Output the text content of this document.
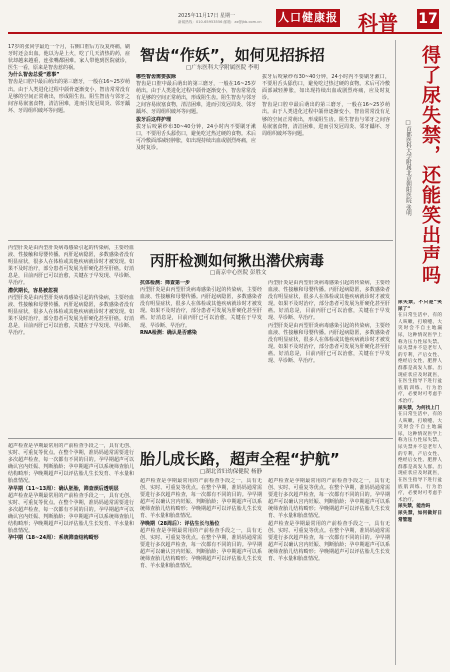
2025年11月17日 星期一
新闻热线：010-65953556 邮箱：zx@jkb.com.cn 人口健康报 科普 17
智齿“作妖”，如何见招拆招
□广东医科大学附属医院 李明

17岁的张同学最近一个月，右侧口腔后方反复疼痛，刷牙时还会出血。他以为是上火，吃了几天清热的药，症状却越来越重，连张嘴都困难。家人带他到医院就诊，医生一看，原来是智齿惹的祸。

为什么智齿总爱“惹事”

智齿是口腔中最后萌出的第三磨牙，一般在16~25岁萌出。由于人类进化过程中颌骨逐渐变小，智齿常常没有足够的空间正常萌出，形成阻生齿。阻生智齿与邻牙之间容易嵌塞食物，清洁困难，进而引发冠周炎、邻牙龋坏、牙周组织破坏等问题。

哪些智齿需要拔除

智齿是口腔中最后萌出的第三磨牙，一般在16~25岁萌出。由于人类进化过程中颌骨逐渐变小，智齿常常没有足够的空间正常萌出，形成阻生齿。阻生智齿与邻牙之间容易嵌塞食物，清洁困难，进而引发冠周炎、邻牙龋坏、牙周组织破坏等问题。

拔牙后这样护理

拔牙后咬紧纱布30~40分钟，24小时内不要刷牙漱口，不要用舌头舔伤口，避免吃过热过硬的食物。术后可冷敷面部减轻肿胀，如出现持续出血或剧烈疼痛，应及时复诊。

拔牙后咬紧纱布30~40分钟，24小时内不要刷牙漱口，不要用舌头舔伤口，避免吃过热过硬的食物。术后可冷敷面部减轻肿胀，如出现持续出血或剧烈疼痛，应及时复诊。

智齿是口腔中最后萌出的第三磨牙，一般在16~25岁萌出。由于人类进化过程中颌骨逐渐变小，智齿常常没有足够的空间正常萌出，形成阻生齿。阻生智齿与邻牙之间容易嵌塞食物，清洁困难，进而引发冠周炎、邻牙龋坏、牙周组织破坏等问题。

丙肝检测如何揪出潜伏病毒
□南京中心医院 彭胜文

丙型肝炎是由丙型肝炎病毒感染引起的传染病，主要经血液、性接触和母婴传播。丙肝起病隐匿，多数感染者没有明显症状，很多人在体检或其他疾病就诊时才被发现。如果不及时治疗，部分患者可发展为肝硬化甚至肝癌。好消息是，目前丙肝已可以治愈，关键在于早发现、早诊断、早治疗。

潜伏期长，容易被忽视

丙型肝炎是由丙型肝炎病毒感染引起的传染病，主要经血液、性接触和母婴传播。丙肝起病隐匿，多数感染者没有明显症状，很多人在体检或其他疾病就诊时才被发现。如果不及时治疗，部分患者可发展为肝硬化甚至肝癌。好消息是，目前丙肝已可以治愈，关键在于早发现、早诊断、早治疗。

抗体检测：筛查第一步

丙型肝炎是由丙型肝炎病毒感染引起的传染病，主要经血液、性接触和母婴传播。丙肝起病隐匿，多数感染者没有明显症状，很多人在体检或其他疾病就诊时才被发现。如果不及时治疗，部分患者可发展为肝硬化甚至肝癌。好消息是，目前丙肝已可以治愈，关键在于早发现、早诊断、早治疗。

RNA检测：确认是否感染

丙型肝炎是由丙型肝炎病毒感染引起的传染病，主要经血液、性接触和母婴传播。丙肝起病隐匿，多数感染者没有明显症状，很多人在体检或其他疾病就诊时才被发现。如果不及时治疗，部分患者可发展为肝硬化甚至肝癌。好消息是，目前丙肝已可以治愈，关键在于早发现、早诊断、早治疗。

丙型肝炎是由丙型肝炎病毒感染引起的传染病，主要经血液、性接触和母婴传播。丙肝起病隐匿，多数感染者没有明显症状，很多人在体检或其他疾病就诊时才被发现。如果不及时治疗，部分患者可发展为肝硬化甚至肝癌。好消息是，目前丙肝已可以治愈，关键在于早发现、早诊断、早治疗。

胎儿成长路，超声全程“护航”
□湖北省妇幼保健院 杨静

超声检查是孕期最常用的产前检查手段之一，具有无创、实时、可重复等优点。在整个孕期，准妈妈通常需要进行多次超声检查，每一次都有不同的目的。孕早期超声可以确认宫内妊娠、判断胎龄；孕中期超声可以系统筛查胎儿结构畸形；孕晚期超声可以评估胎儿生长发育、羊水量和胎盘情况。

孕早期（11~13周）：确认胚胎，筛查颈后透明层

超声检查是孕期最常用的产前检查手段之一，具有无创、实时、可重复等优点。在整个孕期，准妈妈通常需要进行多次超声检查，每一次都有不同的目的。孕早期超声可以确认宫内妊娠、判断胎龄；孕中期超声可以系统筛查胎儿结构畸形；孕晚期超声可以评估胎儿生长发育、羊水量和胎盘情况。

孕中期（18~24周）：系统筛查结构畸形

超声检查是孕期最常用的产前检查手段之一，具有无创、实时、可重复等优点。在整个孕期，准妈妈通常需要进行多次超声检查，每一次都有不同的目的。孕早期超声可以确认宫内妊娠、判断胎龄；孕中期超声可以系统筛查胎儿结构畸形；孕晚期超声可以评估胎儿生长发育、羊水量和胎盘情况。

孕晚期（28周后）：评估生长与胎位

超声检查是孕期最常用的产前检查手段之一，具有无创、实时、可重复等优点。在整个孕期，准妈妈通常需要进行多次超声检查，每一次都有不同的目的。孕早期超声可以确认宫内妊娠、判断胎龄；孕中期超声可以系统筛查胎儿结构畸形；孕晚期超声可以评估胎儿生长发育、羊水量和胎盘情况。

超声检查是孕期最常用的产前检查手段之一，具有无创、实时、可重复等优点。在整个孕期，准妈妈通常需要进行多次超声检查，每一次都有不同的目的。孕早期超声可以确认宫内妊娠、判断胎龄；孕中期超声可以系统筛查胎儿结构畸形；孕晚期超声可以评估胎儿生长发育、羊水量和胎盘情况。

超声检查是孕期最常用的产前检查手段之一，具有无创、实时、可重复等优点。在整个孕期，准妈妈通常需要进行多次超声检查，每一次都有不同的目的。孕早期超声可以确认宫内妊娠、判断胎龄；孕中期超声可以系统筛查胎儿结构畸形；孕晚期超声可以评估胎儿生长发育、羊水量和胎盘情况。

得了尿失禁，还能笑出声吗
□首都医科大学附属北京朝阳医院 张明

尿失禁，不只是“笑尿了”

在日常生活中，有的人咳嗽、打喷嚏、大笑时会不自主地漏尿，这种情况医学上称为压力性尿失禁。尿失禁并不是老年人的专利，产后女性、绝经后女性、肥胖人群都是高发人群。出现症状应及时就医，在医生指导下进行盆底肌训练、行为治疗，必要时可考虑手术治疗。

尿失禁，为何找上门

在日常生活中，有的人咳嗽、打喷嚏、大笑时会不自主地漏尿，这种情况医学上称为压力性尿失禁。尿失禁并不是老年人的专利，产后女性、绝经后女性、肥胖人群都是高发人群。出现症状应及时就医，在医生指导下进行盆底肌训练、行为治疗，必要时可考虑手术治疗。

尿失禁，能治吗

尿失禁，如何做好日常管理
